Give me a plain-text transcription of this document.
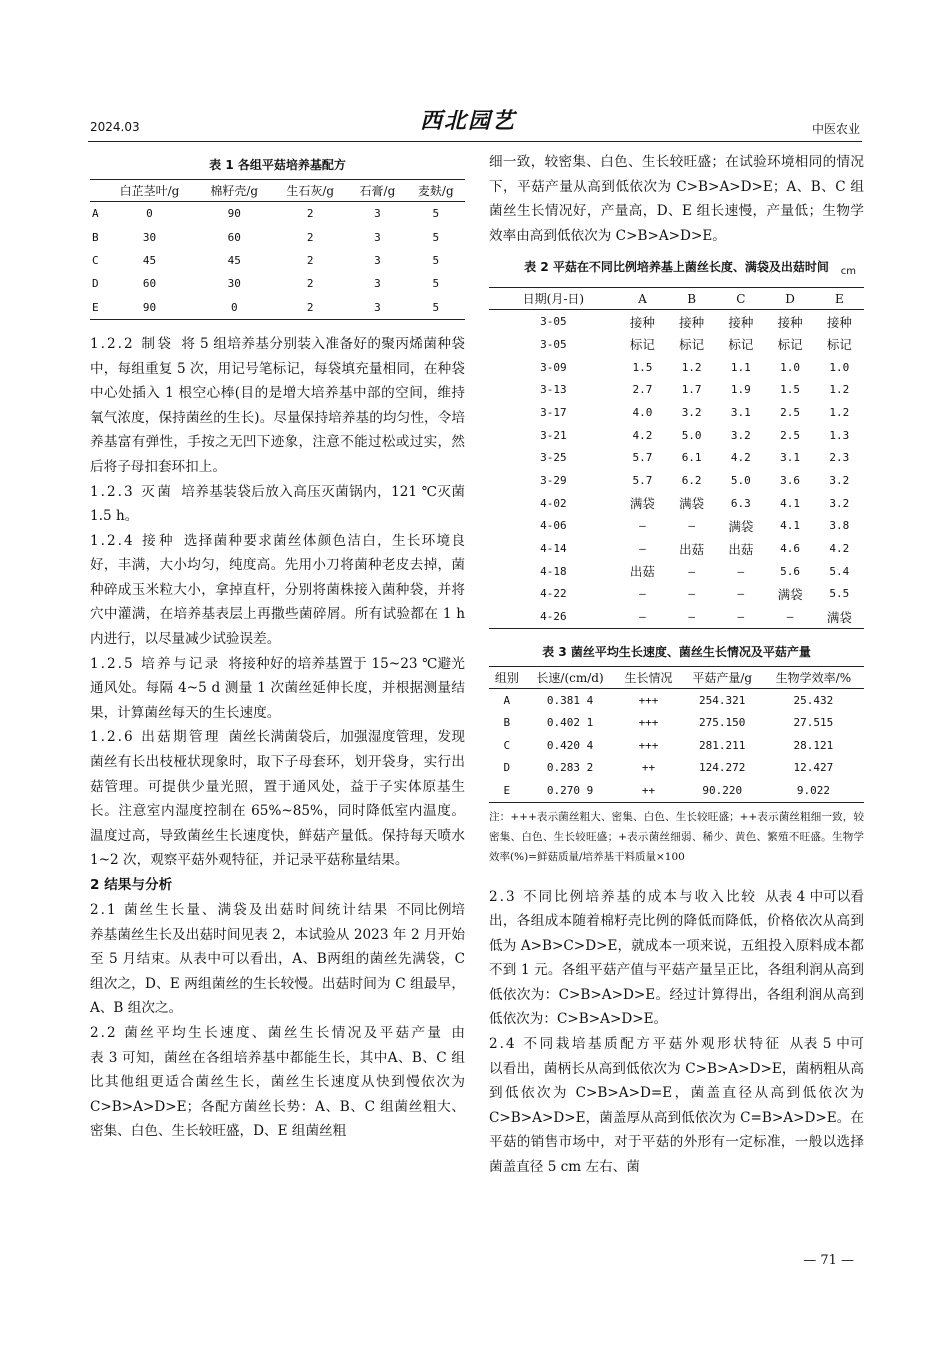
2024.03	西北园艺	中医农业
表 1 各组平菇培养基配方
	白芷茎叶/g	棉籽壳/g	生石灰/g	石膏/g	麦麸/g
A	0	90	2	3	5
B	30	60	2	3	5
C	45	45	2	3	5
D	60	30	2	3	5
E	90	0	2	3	5

1.2.2 制袋 将 5 组培养基分别装入准备好的聚丙烯菌种袋中，每组重复 5 次，用记号笔标记，每袋填充量相同，在种袋中心处插入 1 根空心棒(目的是增大培养基中部的空间，维持氧气浓度，保持菌丝的生长)。尽量保持培养基的均匀性，令培养基富有弹性，手按之无凹下迹象，注意不能过松或过实，然后将子母扣套环扣上。

1.2.3 灭菌 培养基装袋后放入高压灭菌锅内，121 ℃灭菌 1.5 h。

1.2.4 接种 选择菌种要求菌丝体颜色洁白，生长环境良好，丰满，大小均匀，纯度高。先用小刀将菌种老皮去掉，菌种碎成玉米粒大小，拿掉直杆，分别将菌株接入菌种袋，并将穴中灌满，在培养基表层上再撒些菌碎屑。所有试验都在 1 h 内进行，以尽量减少试验误差。

1.2.5 培养与记录 将接种好的培养基置于 15~23 ℃避光通风处。每隔 4~5 d 测量 1 次菌丝延伸长度，并根据测量结果，计算菌丝每天的生长速度。

1.2.6 出菇期管理 菌丝长满菌袋后，加强湿度管理，发现菌丝有长出枝桠状现象时，取下子母套环，划开袋身，实行出菇管理。可提供少量光照，置于通风处，益于子实体原基生长。注意室内湿度控制在 65%~85%，同时降低室内温度。温度过高，导致菌丝生长速度快，鲜菇产量低。保持每天喷水 1~2 次，观察平菇外观特征，并记录平菇称量结果。

2 结果与分析

2.1 菌丝生长量、满袋及出菇时间统计结果 不同比例培养基菌丝生长及出菇时间见表 2，本试验从 2023 年 2 月开始至 5 月结束。从表中可以看出，A、B两组的菌丝先满袋，C 组次之，D、E 两组菌丝的生长较慢。出菇时间为 C 组最早，A、B 组次之。

2.2 菌丝平均生长速度、菌丝生长情况及平菇产量 由表 3 可知，菌丝在各组培养基中都能生长，其中A、B、C 组比其他组更适合菌丝生长，菌丝生长速度从快到慢依次为 C>B>A>D>E；各配方菌丝长势：A、B、C 组菌丝粗大、密集、白色、生长较旺盛，D、E 组菌丝粗

细一致，较密集、白色、生长较旺盛；在试验环境相同的情况下，平菇产量从高到低依次为 C>B>A>D>E；A、B、C 组菌丝生长情况好，产量高，D、E 组长速慢，产量低；生物学效率由高到低依次为 C>B>A>D>E。

表 2 平菇在不同比例培养基上菌丝长度、满袋及出菇时间 cm
日期(月-日)	A	B	C	D	E
3-05	接种	接种	接种	接种	接种
3-05	标记	标记	标记	标记	标记
3-09	1.5	1.2	1.1	1.0	1.0
3-13	2.7	1.7	1.9	1.5	1.2
3-17	4.0	3.2	3.1	2.5	1.2
3-21	4.2	5.0	3.2	2.5	1.3
3-25	5.7	6.1	4.2	3.1	2.3
3-29	5.7	6.2	5.0	3.6	3.2
4-02	满袋	满袋	6.3	4.1	3.2
4-06	—	—	满袋	4.1	3.8
4-14	—	出菇	出菇	4.6	4.2
4-18	出菇	—	—	5.6	5.4
4-22	—	—	—	满袋	5.5
4-26	—	—	—	—	满袋
表 3 菌丝平均生长速度、菌丝生长情况及平菇产量
组别	长速/(cm/d)	生长情况	平菇产量/g	生物学效率/%
A	0.381 4	+++	254.321	25.432
B	0.402 1	+++	275.150	27.515
C	0.420 4	+++	281.211	28.121
D	0.283 2	++	124.272	12.427
E	0.270 9	++	90.220	9.022
注：+++表示菌丝粗大、密集、白色、生长较旺盛；++表示菌丝粗细一致，较密集、白色、生长较旺盛；+表示菌丝细弱、稀少、黄色、繁殖不旺盛。生物学效率(%)=鲜菇质量/培养基干料质量×100

2.3 不同比例培养基的成本与收入比较 从表 4 中可以看出，各组成本随着棉籽壳比例的降低而降低，价格依次从高到低为 A>B>C>D>E，就成本一项来说，五组投入原料成本都不到 1 元。各组平菇产值与平菇产量呈正比，各组利润从高到低依次为：C>B>A>D>E。经过计算得出，各组利润从高到低依次为：C>B>A>D>E。

2.4 不同栽培基质配方平菇外观形状特征 从表 5 中可以看出，菌柄长从高到低依次为 C>B>A>D>E，菌柄粗从高到低依次为 C>B>A>D=E，菌盖直径从高到低依次为 C>B>A>D>E，菌盖厚从高到低依次为 C=B>A>D>E。在平菇的销售市场中，对于平菇的外形有一定标准，一般以选择菌盖直径 5 cm 左右、菌

— 71 —
